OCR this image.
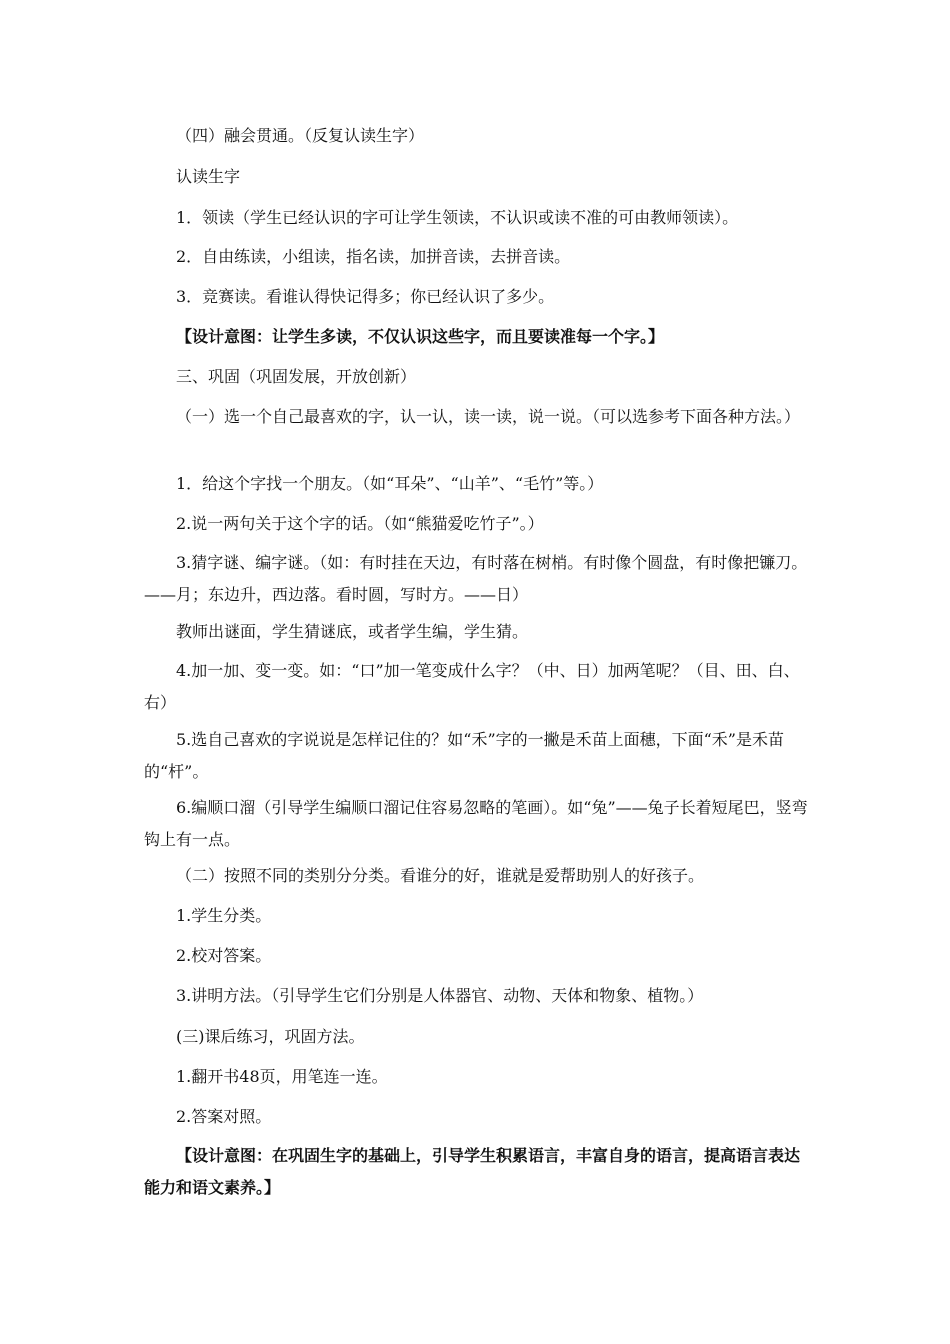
（四）融会贯通。（反复认读生字）
认读生字
1．领读（学生已经认识的字可让学生领读，不认识或读不准的可由教师领读）。
2．自由练读，小组读，指名读，加拼音读，去拼音读。
3．竞赛读。看谁认得快记得多；你已经认识了多少。
【设计意图：让学生多读，不仅认识这些字，而且要读准每一个字。】
三、巩固（巩固发展，开放创新）
（一）选一个自己最喜欢的字，认一认，读一读，说一说。（可以选参考下面各种方法。）
1．给这个字找一个朋友。（如“耳朵”、“山羊”、“毛竹”等。）
2.说一两句关于这个字的话。（如“熊猫爱吃竹子”。）
3.猜字谜、编字谜。（如：有时挂在天边，有时落在树梢。有时像个圆盘，有时像把镰刀。——月；东边升，西边落。看时圆，写时方。——日）
教师出谜面，学生猜谜底，或者学生编，学生猜。
4.加一加、变一变。如：“口”加一笔变成什么字？（中、日）加两笔呢？（目、田、白、右）
5.选自己喜欢的字说说是怎样记住的？如“禾”字的一撇是禾苗上面穗，下面“禾”是禾苗的“杆”。
6.编顺口溜（引导学生编顺口溜记住容易忽略的笔画）。如“兔”——兔子长着短尾巴，竖弯钩上有一点。
（二）按照不同的类别分分类。看谁分的好，谁就是爱帮助别人的好孩子。
1.学生分类。
2.校对答案。
3.讲明方法。（引导学生它们分别是人体器官、动物、天体和物象、植物。）
(三)课后练习，巩固方法。
1.翻开书48页，用笔连一连。
2.答案对照。
【设计意图：在巩固生字的基础上，引导学生积累语言，丰富自身的语言，提高语言表达能力和语文素养。】
